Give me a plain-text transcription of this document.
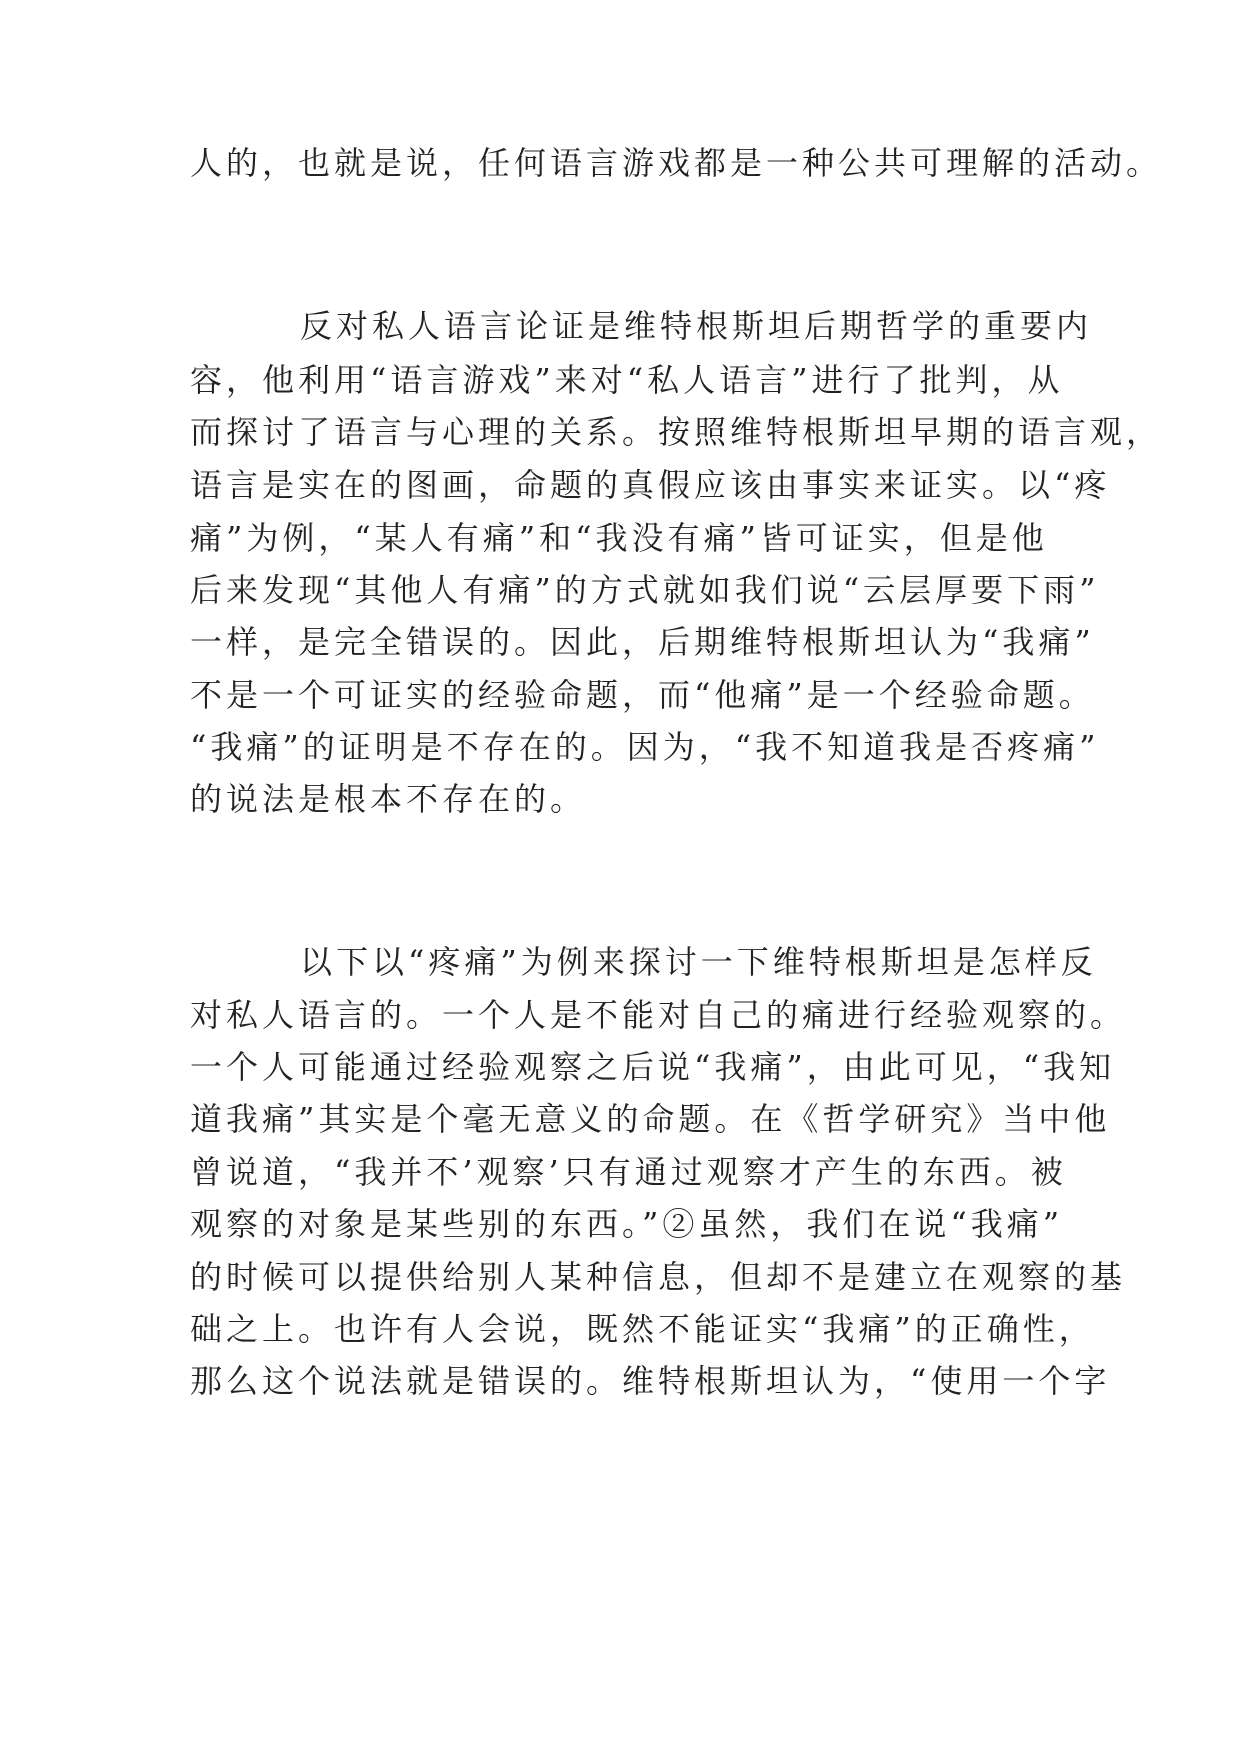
人的，也就是说，任何语言游戏都是一种公共可理解的活动。
反对私人语言论证是维特根斯坦后期哲学的重要内
容，他利用“语言游戏”来对“私人语言”进行了批判，从
而探讨了语言与心理的关系。按照维特根斯坦早期的语言观，
语言是实在的图画，命题的真假应该由事实来证实。以“疼
痛”为例，“某人有痛”和“我没有痛”皆可证实，但是他
后来发现“其他人有痛”的方式就如我们说“云层厚要下雨”
一样，是完全错误的。因此，后期维特根斯坦认为“我痛”
不是一个可证实的经验命题，而“他痛”是一个经验命题。
“我痛”的证明是不存在的。因为，“我不知道我是否疼痛”
的说法是根本不存在的。
以下以“疼痛”为例来探讨一下维特根斯坦是怎样反
对私人语言的。一个人是不能对自己的痛进行经验观察的。
一个人可能通过经验观察之后说“我痛”，由此可见，“我知
道我痛”其实是个毫无意义的命题。在《哲学研究》当中他
曾说道，“我并不’观察’只有通过观察才产生的东西。被
观察的对象是某些别的东西。”②虽然，我们在说“我痛”
的时候可以提供给别人某种信息，但却不是建立在观察的基
础之上。也许有人会说，既然不能证实“我痛”的正确性，
那么这个说法就是错误的。维特根斯坦认为，“使用一个字
